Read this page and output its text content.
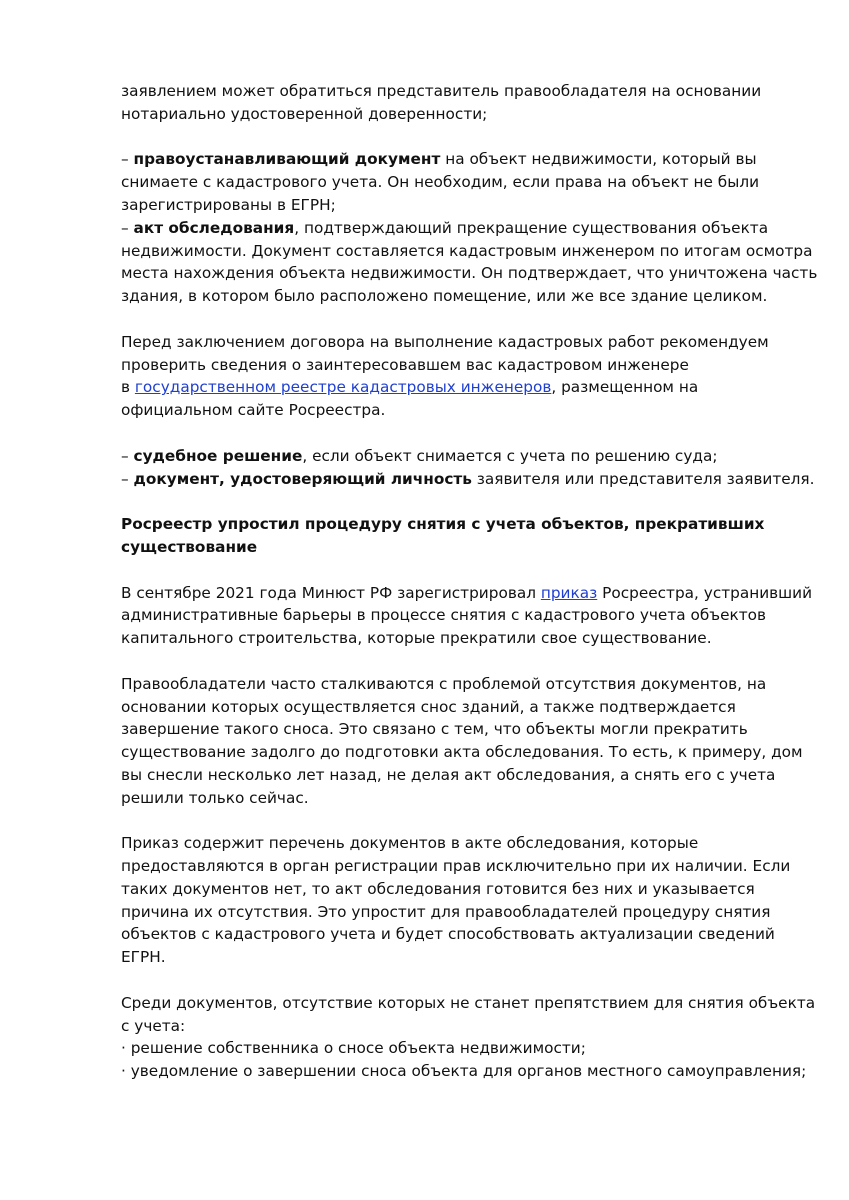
заявлением может обратиться представитель правообладателя на основании
нотариально удостоверенной доверенности;

– правоустанавливающий документ на объект недвижимости, который вы
снимаете с кадастрового учета. Он необходим, если права на объект не были
зарегистрированы в ЕГРН;

– акт обследования, подтверждающий прекращение существования объекта
недвижимости. Документ составляется кадастровым инженером по итогам осмотра
места нахождения объекта недвижимости. Он подтверждает, что уничтожена часть
здания, в котором было расположено помещение, или же все здание целиком.

Перед заключением договора на выполнение кадастровых работ рекомендуем
проверить сведения о заинтересовавшем вас кадастровом инженере
в государственном реестре кадастровых инженеров, размещенном на
официальном сайте Росреестра.

– судебное решение, если объект снимается с учета по решению суда;
– документ, удостоверяющий личность заявителя или представителя заявителя.

Росреестр упростил процедуру снятия с учета объектов, прекративших
существование

В сентябре 2021 года Минюст РФ зарегистрировал приказ Росреестра, устранивший
административные барьеры в процессе снятия с кадастрового учета объектов
капитального строительства, которые прекратили свое существование.

Правообладатели часто сталкиваются с проблемой отсутствия документов, на
основании которых осуществляется снос зданий, а также подтверждается
завершение такого сноса. Это связано с тем, что объекты могли прекратить
существование задолго до подготовки акта обследования. То есть, к примеру, дом
вы снесли несколько лет назад, не делая акт обследования, а снять его с учета
решили только сейчас.

Приказ содержит перечень документов в акте обследования, которые
предоставляются в орган регистрации прав исключительно при их наличии. Если
таких документов нет, то акт обследования готовится без них и указывается
причина их отсутствия. Это упростит для правообладателей процедуру снятия
объектов с кадастрового учета и будет способствовать актуализации сведений
ЕГРН.

Среди документов, отсутствие которых не станет препятствием для снятия объекта
с учета:
· решение собственника о сносе объекта недвижимости;
· уведомление о завершении сноса объекта для органов местного самоуправления;
